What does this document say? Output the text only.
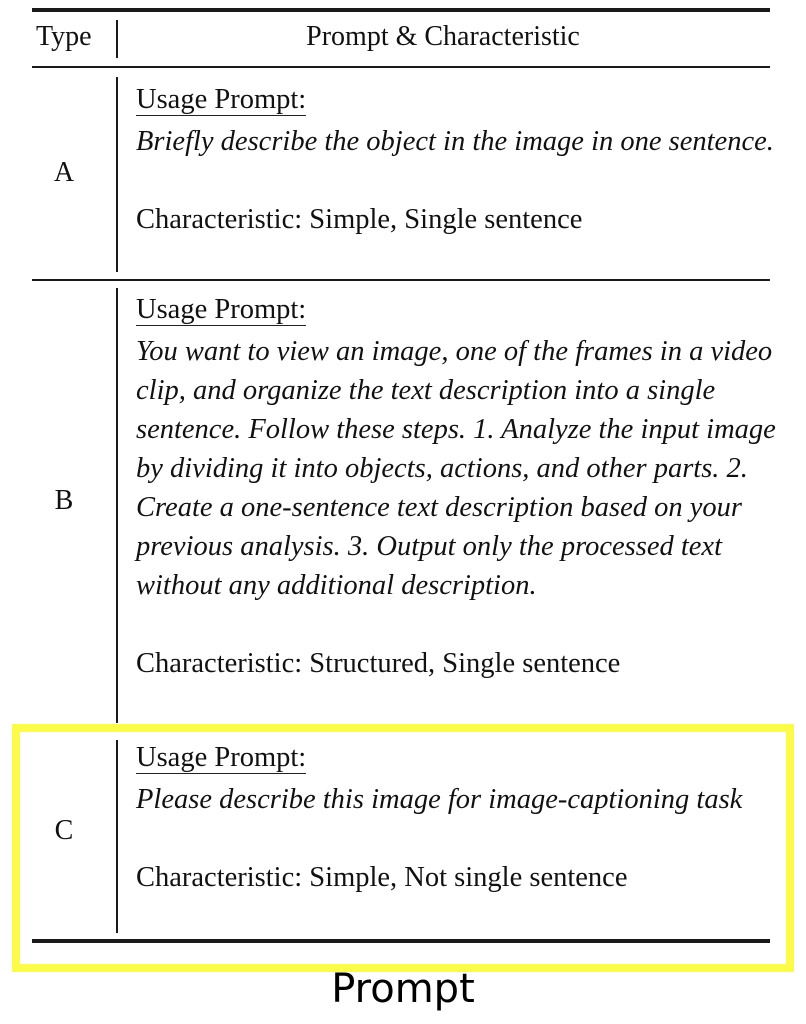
Type	Prompt & Characteristic
A
Usage Prompt:
Briefly describe the object in the image in one sentence.
Characteristic: Simple, Single sentence
B
Usage Prompt:
You want to view an image, one of the frames in a video clip, and organize the text description into a single sentence. Follow these steps. 1. Analyze the input image by dividing it into objects, actions, and other parts. 2. Create a one-sentence text description based on your previous analysis. 3. Output only the processed text without any additional description.
Characteristic: Structured, Single sentence
C
Usage Prompt:
Please describe this image for image-captioning task
Characteristic: Simple, Not single sentence
Prompt
